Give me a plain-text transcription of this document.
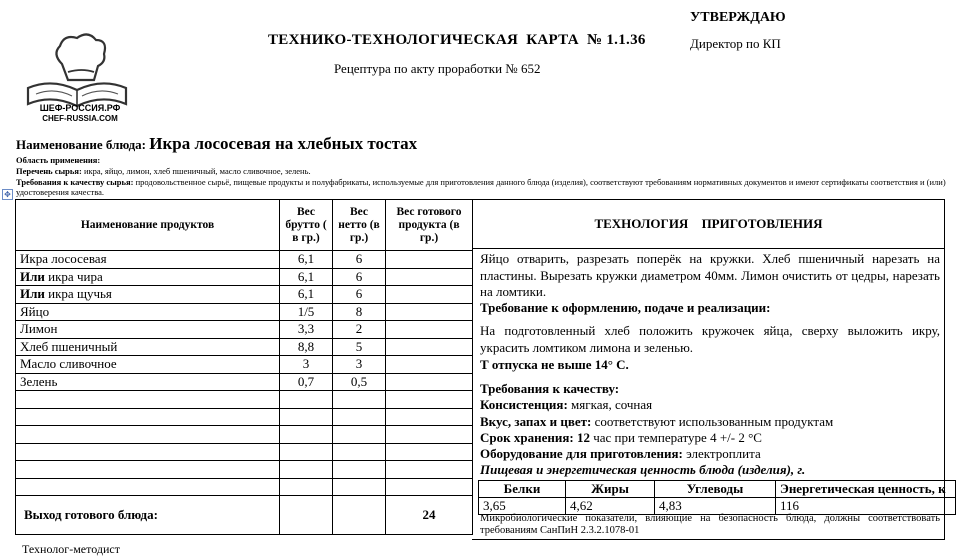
ШЕФ-РОССИЯ.РФ
CHEF-RUSSIA.COM
ТЕХНИКО-ТЕХНОЛОГИЧЕСКАЯ  КАРТА  № 1.1.36
Рецептура по акту проработки № 652
УТВЕРЖДАЮ
Директор по КП
Наименование блюда: Икра лососевая на хлебных тостах
Область применения:
Перечень сырья: икра, яйцо, лимон, хлеб пшеничный, масло сливочное, зелень.
Требования к качеству сырья: продовольственное сырьё, пищевые продукты и полуфабрикаты, используемые для приготовления данного блюда (изделия), соответствуют требованиям нормативных документов и имеют сертификаты соответствия и (или) удостоверения качества.
✥
Наименование продуктов	Вес брутто ( в гр.)	Вес нетто (в гр.)	Вес готового продукта (в гр.)
Икра лососевая	6,1	6	
Или икра чира	6,1	6	
Или икра щучья	6,1	6	
Яйцо	1/5	8	
Лимон	3,3	2	
Хлеб пшеничный	8,8	5	
Масло сливочное	3	3	
Зелень	0,7	0,5	

Выход готового блюда:			24
ТЕХНОЛОГИЯ ПРИГОТОВЛЕНИЯ
Яйцо отварить, разрезать поперёк на кружки. Хлеб пшеничный нарезать на пластины. Вырезать кружки диаметром 40мм. Лимон очистить от цедры, нарезать на ломтики.
Требование к оформлению, подаче и реализации:
На подготовленный хлеб положить кружочек яйца, сверху выложить икру, украсить ломтиком лимона и зеленью.
Т отпуска не выше 14° С.
Требования к качеству:
Консистенция: мягкая, сочная
Вкус, запах и цвет: соответствуют использованным продуктам
Срок хранения: 12 час при температуре 4 +/- 2 °С
Оборудование для приготовления: электроплита
Пищевая и энергетическая ценность блюда (изделия), г.
Белки	Жиры	Углеводы	Энергетическая ценность, к
3,65	4,62	4,83	116
Микробиологические показатели, влияющие на безопасность блюда, должны соответствовать требованиям СанПиН 2.3.2.1078-01
Технолог-методист
